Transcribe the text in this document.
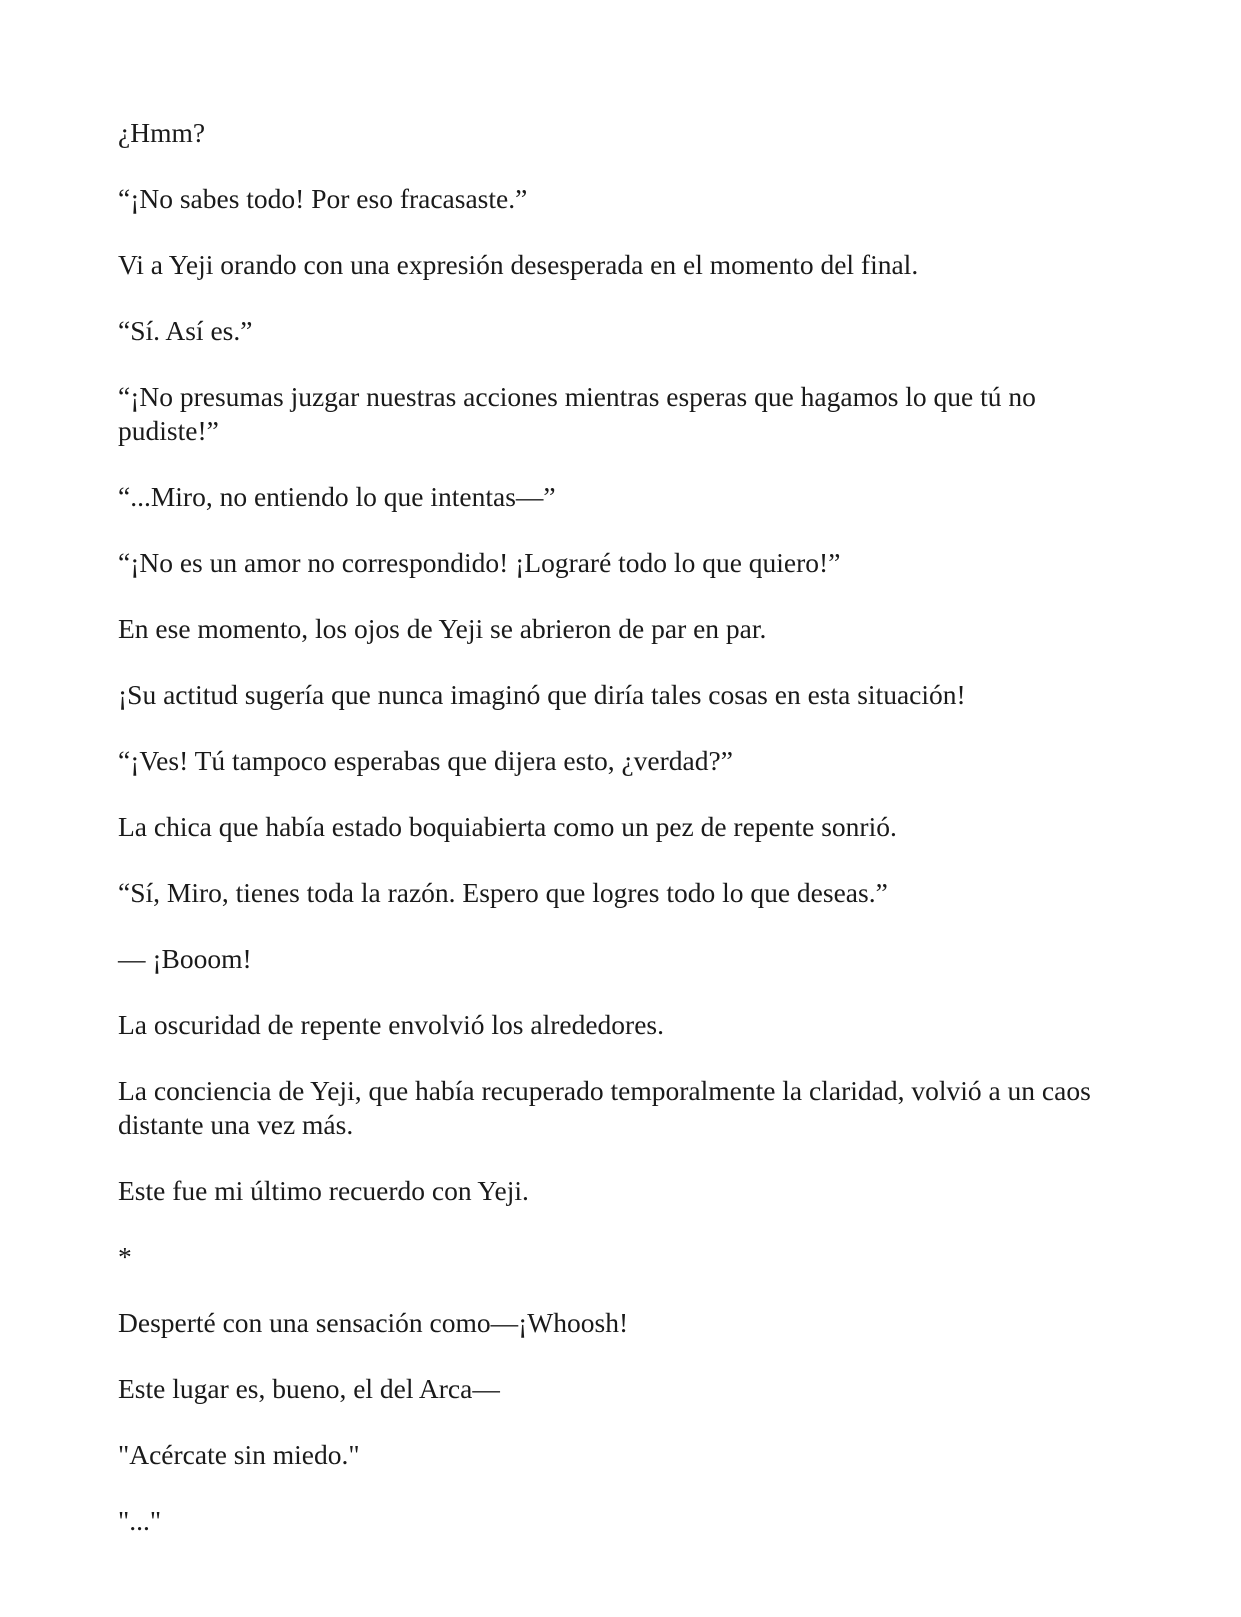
¿Hmm?

“¡No sabes todo! Por eso fracasaste.”

Vi a Yeji orando con una expresión desesperada en el momento del final.

“Sí. Así es.”

“¡No presumas juzgar nuestras acciones mientras esperas que hagamos lo que tú no pudiste!”

“...Miro, no entiendo lo que intentas—”

“¡No es un amor no correspondido! ¡Lograré todo lo que quiero!”

En ese momento, los ojos de Yeji se abrieron de par en par.

¡Su actitud sugería que nunca imaginó que diría tales cosas en esta situación!

“¡Ves! Tú tampoco esperabas que dijera esto, ¿verdad?”

La chica que había estado boquiabierta como un pez de repente sonrió.

“Sí, Miro, tienes toda la razón. Espero que logres todo lo que deseas.”

— ¡Booom!

La oscuridad de repente envolvió los alrededores.

La conciencia de Yeji, que había recuperado temporalmente la claridad, volvió a un caos distante una vez más.

Este fue mi último recuerdo con Yeji.

*

Desperté con una sensación como—¡Whoosh!

Este lugar es, bueno, el del Arca—

"Acércate sin miedo."

"..."
